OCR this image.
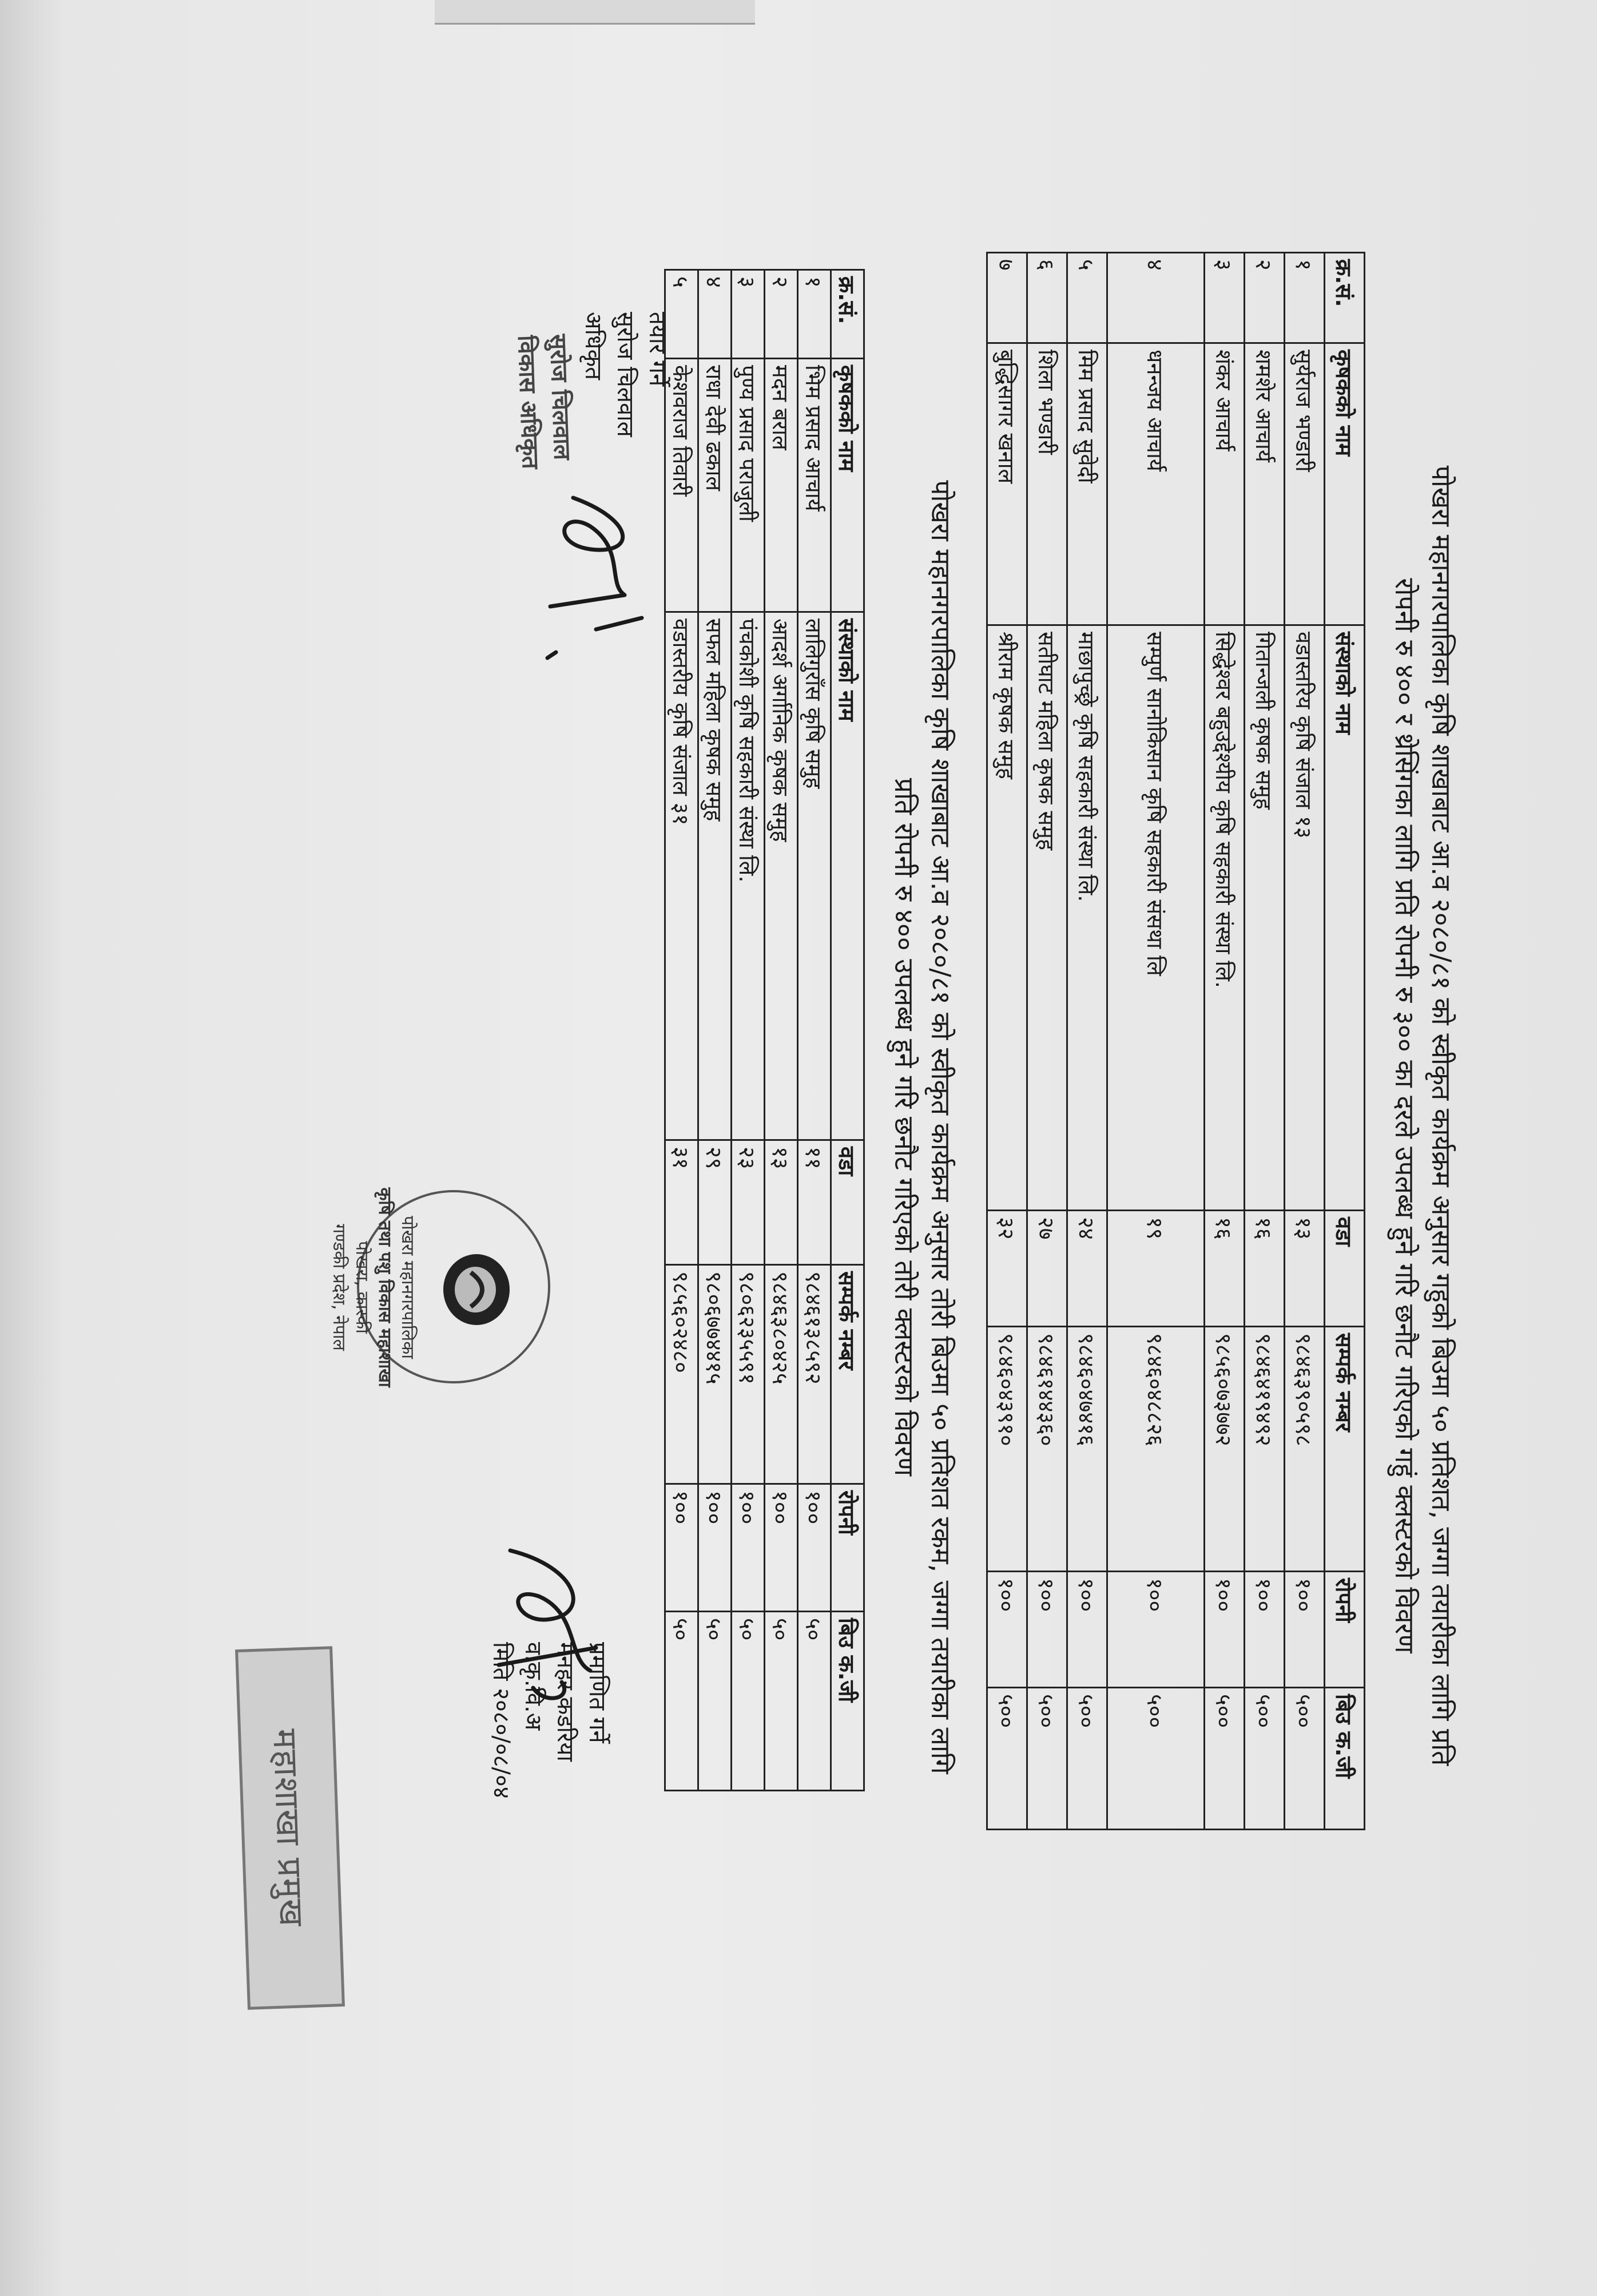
पोखरा महानगरपालिका कृषि शाखाबाट आ.व २०८०/८१ को स्वीकृत कार्यक्रम अनुसार गहुको बिउमा ५० प्रतिशत, जग्गा तयारीका लागि प्रति
रोपनी रु ४०० र थ्रेसिंगका लागि प्रति रोपनी रु ३०० का दरले उपलब्ध हुने गरि छनौट गरिएको गहुं क्लस्टरको विवरण
क्र.सं.	कृषकको नाम	संस्थाको नाम	वडा	सम्पर्क नम्बर	रोपनी	बिउ क.जी
१	सुर्यराज भण्डारी	वडास्तरिय कृषि संजाल १३	१३	९८४६३९०५९८	१००	५००
२	शमशेर आचार्य	गितान्जली कृषक समुह	१६	९८४६४१९४९२	१००	५००
३	शंकर आचार्य	सिद्धेश्वर बहुउद्देश्यीय कृषि सहकारी संस्था लि.	१६	९८५६०७३७७२	१००	५००
४	धनन्जय आचार्य	सम्पुर्ण सानोकिसान कृषि सहकारी संसथा लि	१९	९८४६०४८८२६	१००	५००
५	मिम प्रसाद सुवेदी	माछापुच्छ्रे कृषि सहकारी संस्था लि.	२४	९८४६०४७४१६	१००	५००
६	शिला भण्डारी	सतीघाट महिला कृषक समुह	२७	९८४६१४४३६०	१००	५००
७	बुद्धिसागर खनाल	श्रीराम कृषक समुह	३२	९८४६०४३९१०	१००	५००
पोखरा महानगरपालिका कृषि शाखाबाट आ.व २०८०/८१ को स्वीकृत कार्यक्रम अनुसार तोरी बिउमा ५० प्रतिशत रकम, जग्गा तयारीका लागि
प्रति रोपनी रु ४०० उपलब्ध हुने गरि छनौट गरिएको तोरी क्लस्टरको विवरण
क्र.सं.	कृषकको नाम	संस्थाको नाम	वडा	सम्पर्क नम्बर	रोपनी	बिउ क.जी
१	भिम प्रसाद आचार्य	लालिगुराँस कृषि समुह	११	९८४६१३८५९२	१००	५०
२	मदन बराल	आदर्श अर्गानिक कृषक समुह	१३	९८४६३८०४२५	१००	५०
३	पुण्य प्रसाद पराजुली	पंचकोशी कृषि सहकारी संस्था लि.	२३	९८०६२३५५९१	१००	५०
४	राधा देवी ढकाल	सफल महिला कृषक समुह	२९	९८०६७७४४१५	१००	५०
५	केशवराज तिवारी	वडास्तरीय कृषि संजाल ३१	३१	९८५६०२४८०	१००	५०
तयार गर्ने
सुरोज चिलवाल
अधिकृत
सुरोज चिलवाल
विकास अधिकृत
पोखरा महानगरपालिका
कृषि तथा पशु विकास महाशाखा
पोखरा, कास्की
गण्डकी प्रदेश, नेपाल
प्रमाणित गर्ने
मनहर कडरिया
व.कृ.वि.अ
मिति २०८०/०८/०४
महाशाखा प्रमुख
